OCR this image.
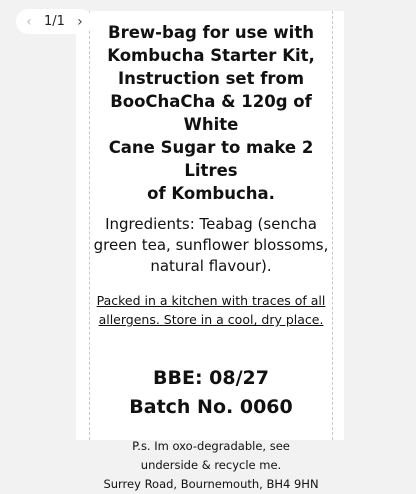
‹ 1/1 ›

Brew-bag for use with
Kombucha Starter Kit,
Instruction set from
BooChaCha & 120g of White
Cane Sugar to make 2 Litres
of Kombucha.

Ingredients: Teabag (sencha
green tea, sunflower blossoms,
natural flavour).

Packed in a kitchen with traces of all
allergens. Store in a cool, dry place.

BBE: 08/27

Batch No. 0060

P.s. Im oxo-degradable, see
underside & recycle me.

Surrey Road, Bournemouth, BH4 9HN
